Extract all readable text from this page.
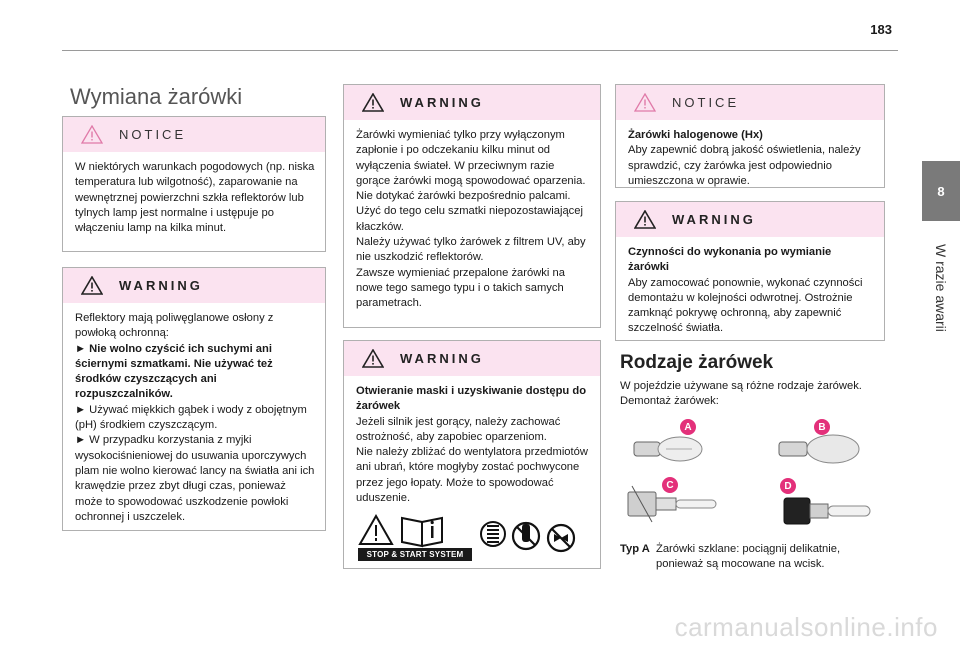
183
8
W razie awarii
Wymiana żarówki
NOTICE

W niektórych warunkach pogodowych (np. niska temperatura lub wilgotność), zaparowanie na wewnętrznej powierzchni szkła reflektorów lub tylnych lamp jest normalne i ustępuje po włączeniu lamp na kilka minut.

WARNING

Reflektory mają poliwęglanowe osłony z powłoką ochronną:

► Nie wolno czyścić ich suchymi ani ściernymi szmatkami. Nie używać też środków czyszczących ani rozpuszczalników.

► Używać miękkich gąbek i wody z obojętnym (pH) środkiem czyszczącym.

► W przypadku korzystania z myjki wysokociśnieniowej do usuwania uporczywych plam nie wolno kierować lancy na światła ani ich krawędzie przez zbyt długi czas, ponieważ może to spowodować uszkodzenie powłoki ochronnej i uszczelek.

WARNING

Żarówki wymieniać tylko przy wyłączonym zapłonie i po odczekaniu kilku minut od wyłączenia świateł. W przeciwnym razie gorące żarówki mogą spowodować oparzenia.

Nie dotykać żarówki bezpośrednio palcami. Użyć do tego celu szmatki niepozostawiającej kłaczków.

Należy używać tylko żarówek z filtrem UV, aby nie uszkodzić reflektorów.

Zawsze wymieniać przepalone żarówki na nowe tego samego typu i o takich samych parametrach.

WARNING

Otwieranie maski i uzyskiwanie dostępu do żarówek

Jeżeli silnik jest gorący, należy zachować ostrożność, aby zapobiec oparzeniom.

Nie należy zbliżać do wentylatora przedmiotów ani ubrań, które mogłyby zostać pochwycone przez jego łopaty. Może to spowodować uduszenie.

STOP & START SYSTEM
NOTICE

Żarówki halogenowe (Hx)

Aby zapewnić dobrą jakość oświetlenia, należy sprawdzić, czy żarówka jest odpowiednio umieszczona w oprawie.

WARNING

Czynności do wykonania po wymianie żarówki

Aby zamocować ponownie, wykonać czynności demontażu w kolejności odwrotnej. Ostrożnie zamknąć pokrywę ochronną, aby zapewnić szczelność światła.

Rodzaje żarówek

W pojeździe używane są różne rodzaje żarówek.

Demontaż żarówek:

A	B
C	D
Typ A Żarówki szklane: pociągnij delikatnie,
ponieważ są mocowane na wcisk.
carmanualsonline.info
